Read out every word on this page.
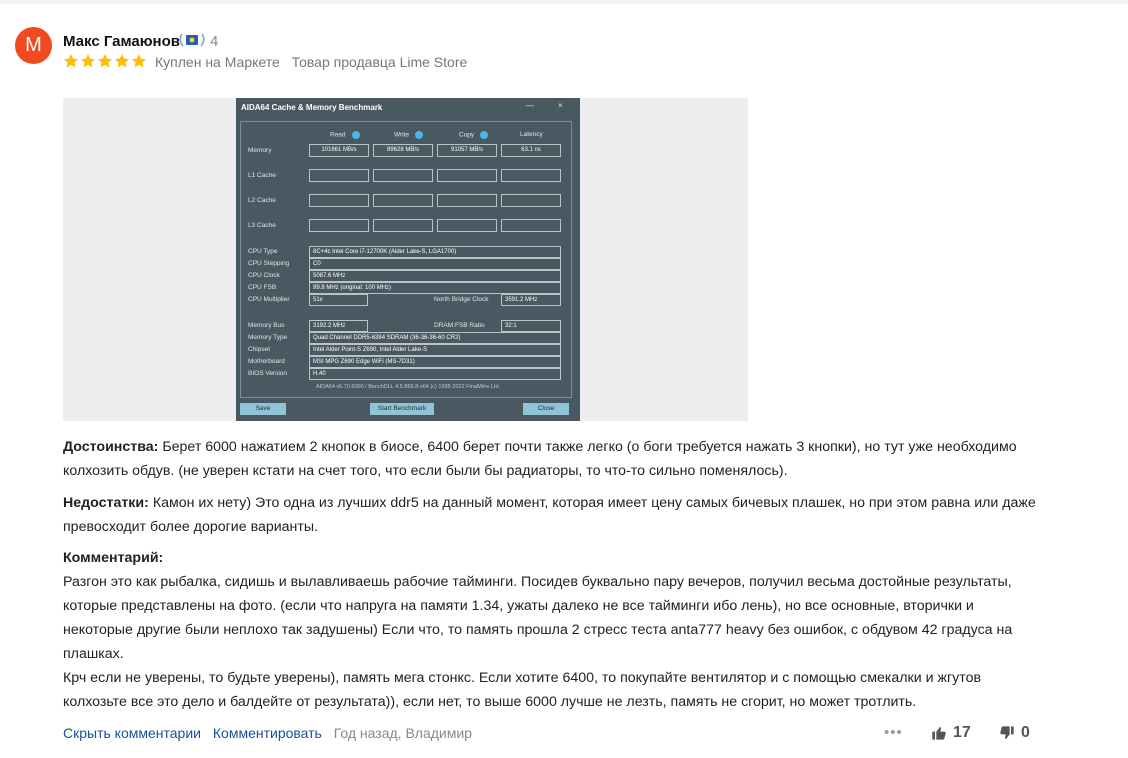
M	Макс Гамаюнов 4
Куплен на Маркете Товар продавца Lime Store
AIDA64 Cache & Memory Benchmark	—	×
Read	Write	Copy	Latency
Memory	101661 MB/s	89628 MB/s	91057 MB/s	63.1 ns
L1 Cache
L2 Cache
L3 Cache
CPU Type	8C+4c Intel Core i7-12700K (Alder Lake-S, LGA1700)
CPU Stepping	C0
CPU Clock	5087.6 MHz
CPU FSB	99.8 MHz (original: 100 MHz)
CPU Multiplier	51x	North Bridge Clock	3591.2 MHz
Memory Bus	3192.2 MHz	DRAM:FSB Ratio	32:1
Memory Type	Quad Channel DDR5-6384 SDRAM (36-36-36-60 CR2)
Chipset	Intel Alder Point-S Z690, Intel Alder Lake-S
Motherboard	MSI MPG Z690 Edge WiFi (MS-7D31)
BIOS Version	H.40
AIDA64 v6.70.6000 / BenchDLL 4.5.868.8-x64 (c) 1995-2022 FinalWire Ltd.
Save	Start Benchmark	Close
Достоинства: Берет 6000 нажатием 2 кнопок в биосе, 6400 берет почти также легко (о боги требуется нажать 3 кнопки), но тут уже необходимо
колхозить обдув. (не уверен кстати на счет того, что если были бы радиаторы, то что-то сильно поменялось).
Недостатки: Камон их нету) Это одна из лучших ddr5 на данный момент, которая имеет цену самых бичевых плашек, но при этом равна или даже
превосходит более дорогие варианты.
Комментарий:
Разгон это как рыбалка, сидишь и вылавливаешь рабочие тайминги. Посидев буквально пару вечеров, получил весьма достойные результаты,
которые представлены на фото. (если что напруга на памяти 1.34, ужаты далеко не все тайминги ибо лень), но все основные, вторички и
некоторые другие были неплохо так задушены) Если что, то память прошла 2 стресс теста anta777 heavy без ошибок, с обдувом 42 градуса на
плашках.
Крч если не уверены, то будьте уверены), память мега стонкс. Если хотите 6400, то покупайте вентилятор и с помощью смекалки и жгутов
колхозьте все это дело и балдейте от результата)), если нет, то выше 6000 лучше не лезть, память не сгорит, но может тротлить.
Скрыть комментарии Комментировать Год назад, Владимир	•••	17	0
